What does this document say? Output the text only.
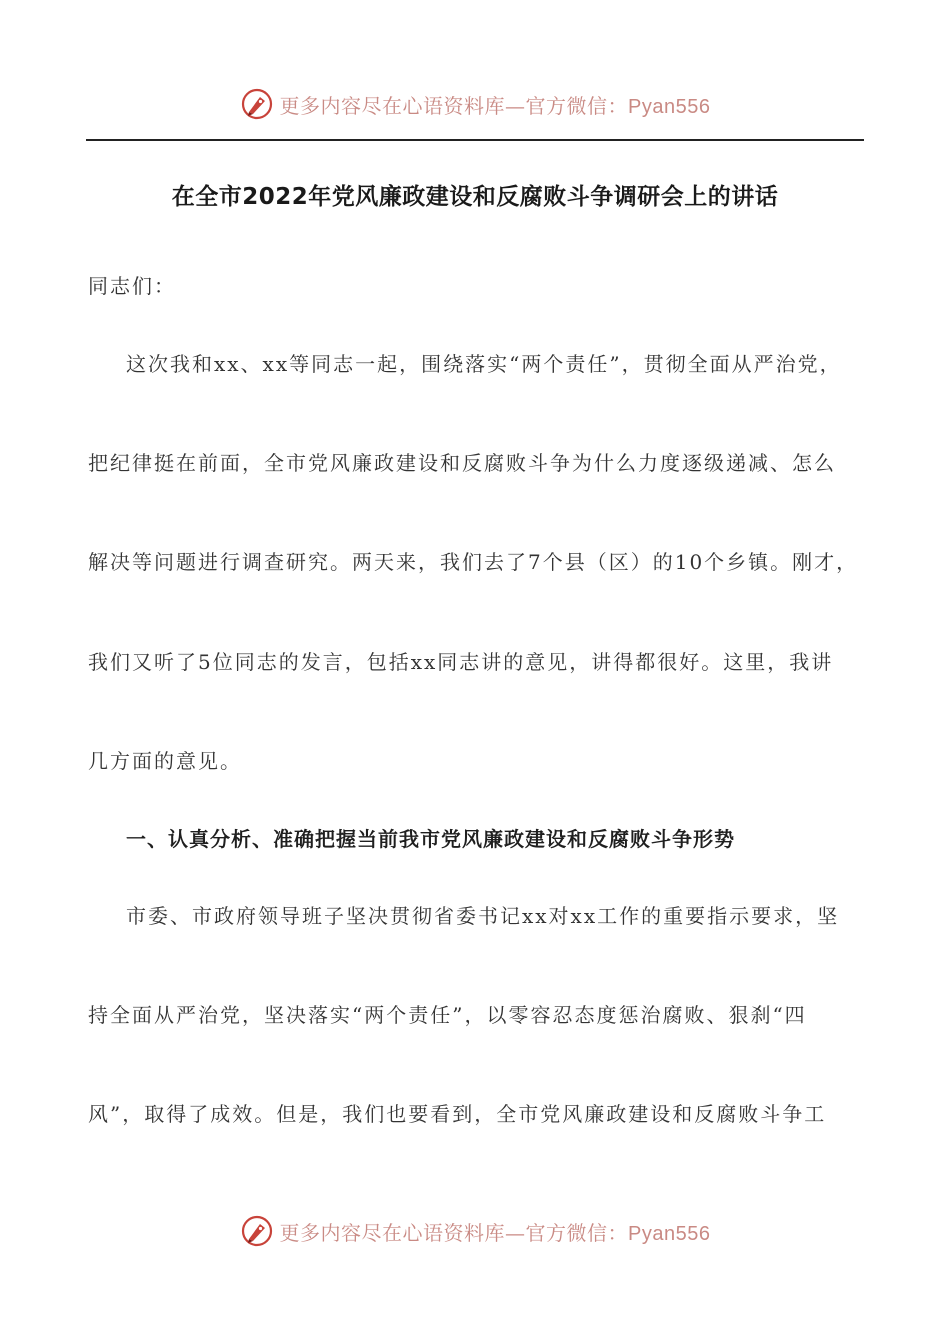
更多内容尽在心语资料库—官方微信：Pyan556
在全市2022年党风廉政建设和反腐败斗争调研会上的讲话
同志们：
这次我和xx、xx等同志一起，围绕落实“两个责任”，贯彻全面从严治党，
把纪律挺在前面，全市党风廉政建设和反腐败斗争为什么力度逐级递减、怎么
解决等问题进行调查研究。两天来，我们去了7个县（区）的10个乡镇。刚才，
我们又听了5位同志的发言，包括xx同志讲的意见，讲得都很好。这里，我讲
几方面的意见。
一、认真分析、准确把握当前我市党风廉政建设和反腐败斗争形势
市委、市政府领导班子坚决贯彻省委书记xx对xx工作的重要指示要求，坚
持全面从严治党，坚决落实“两个责任”，以零容忍态度惩治腐败、狠刹“四
风”，取得了成效。但是，我们也要看到，全市党风廉政建设和反腐败斗争工
更多内容尽在心语资料库—官方微信：Pyan556
